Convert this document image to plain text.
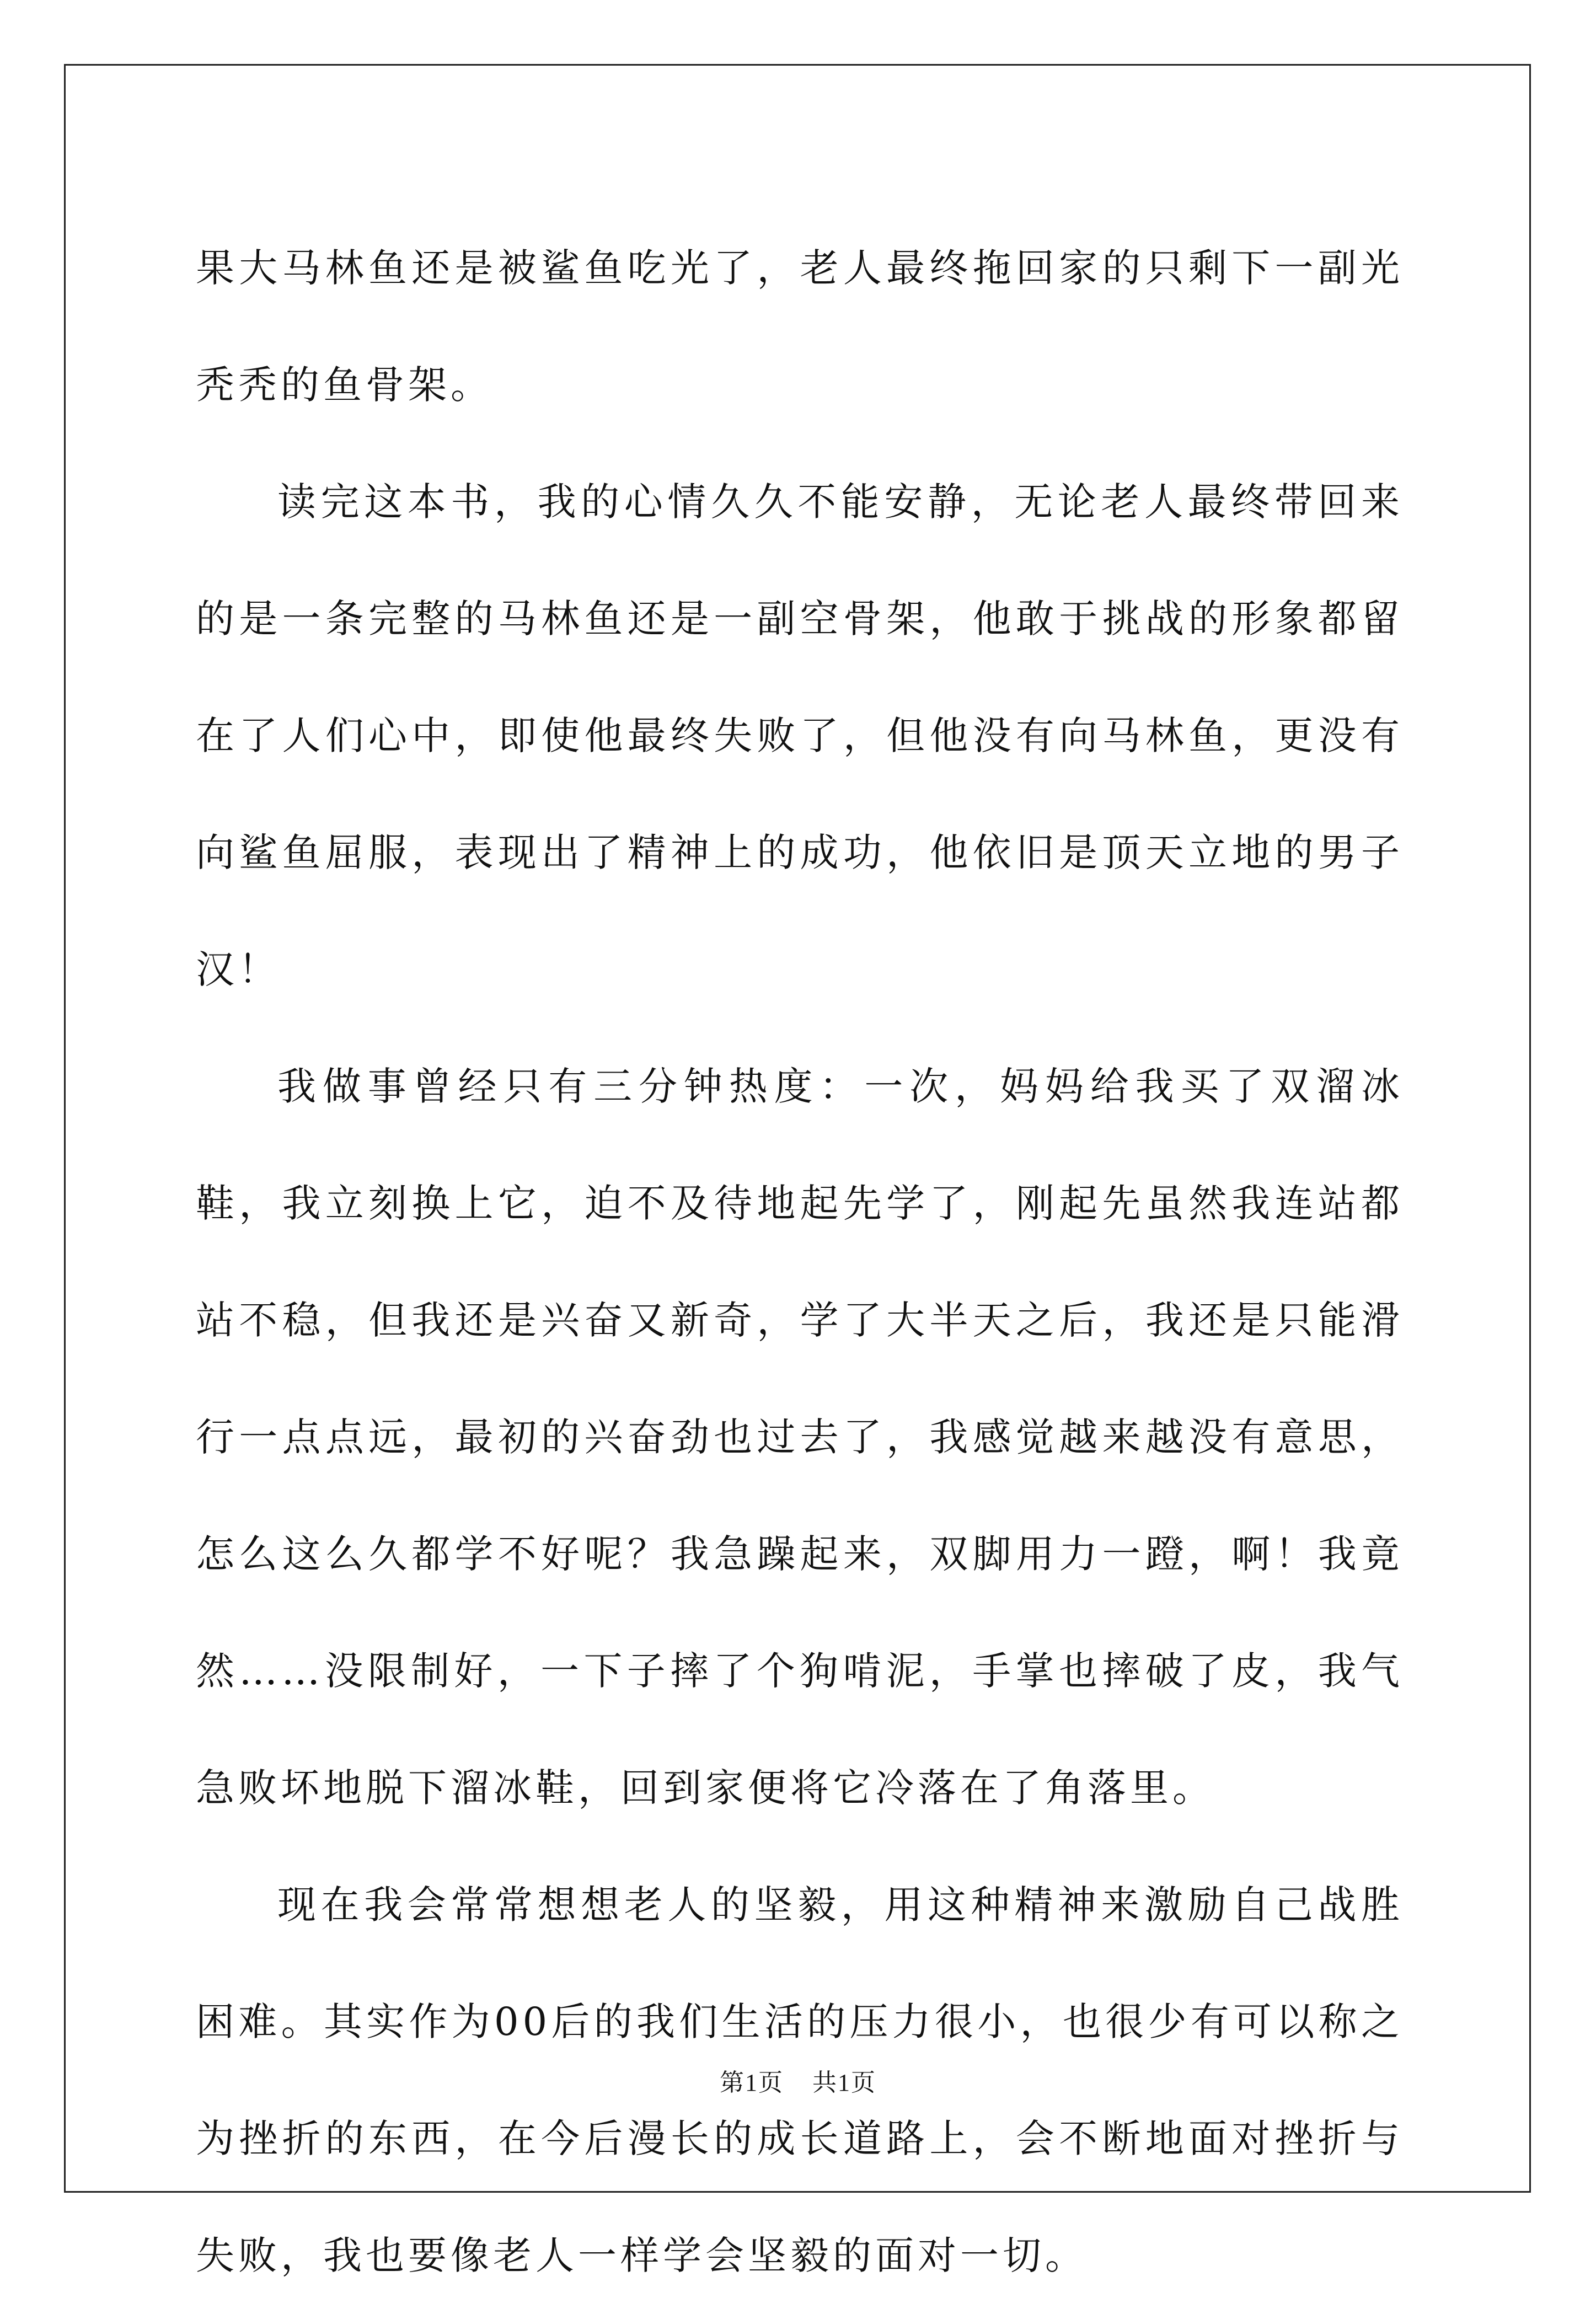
果大马林鱼还是被鲨鱼吃光了，老人最终拖回家的只剩下一副光秃秃的鱼骨架。

读完这本书，我的心情久久不能安静，无论老人最终带回来的是一条完整的马林鱼还是一副空骨架，他敢于挑战的形象都留在了人们心中，即使他最终失败了，但他没有向马林鱼，更没有向鲨鱼屈服，表现出了精神上的成功，他依旧是顶天立地的男子汉！

我做事曾经只有三分钟热度：一次，妈妈给我买了双溜冰鞋，我立刻换上它，迫不及待地起先学了，刚起先虽然我连站都站不稳，但我还是兴奋又新奇，学了大半天之后，我还是只能滑行一点点远，最初的兴奋劲也过去了，我感觉越来越没有意思，怎么这么久都学不好呢？我急躁起来，双脚用力一蹬，啊！我竟然……没限制好，一下子摔了个狗啃泥，手掌也摔破了皮，我气急败坏地脱下溜冰鞋，回到家便将它冷落在了角落里。

现在我会常常想想老人的坚毅，用这种精神来激励自己战胜困难。其实作为00后的我们生活的压力很小，也很少有可以称之为挫折的东西，在今后漫长的成长道路上，会不断地面对挫折与失败，我也要像老人一样学会坚毅的面对一切。

第1页 共1页
